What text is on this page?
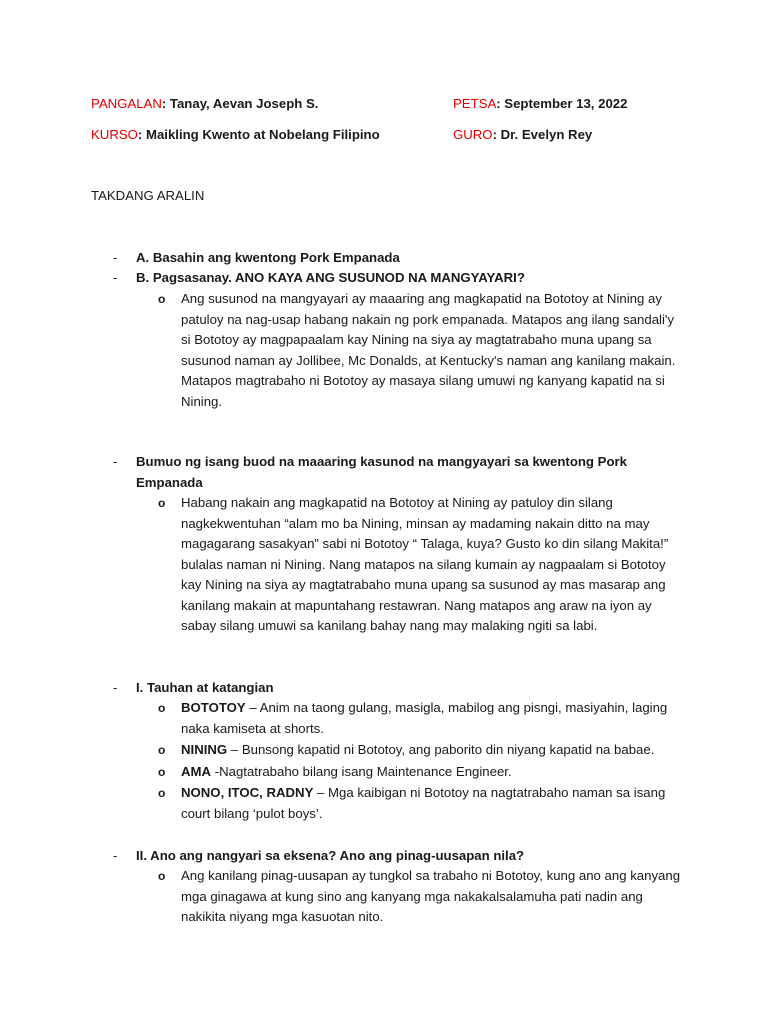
PANGALAN: Tanay, Aevan Joseph S.	PETSA: September 13, 2022
KURSO: Maikling Kwento at Nobelang Filipino	GURO: Dr. Evelyn Rey
TAKDANG ARALIN
-	A. Basahin ang kwentong Pork Empanada
-	B. Pagsasanay. ANO KAYA ANG SUSUNOD NA MANGYAYARI?
o	Ang susunod na mangyayari ay maaaring ang magkapatid na Bototoy at Nining ay patuloy na nag-usap habang nakain ng pork empanada. Matapos ang ilang sandali'y si Bototoy ay magpapaalam kay Nining na siya ay magtatrabaho muna upang sa susunod naman ay Jollibee, Mc Donalds, at Kentucky's naman ang kanilang makain. Matapos magtrabaho ni Bototoy ay masaya silang umuwi ng kanyang kapatid na si Nining.
-	Bumuo ng isang buod na maaaring kasunod na mangyayari sa kwentong Pork Empanada
o	Habang nakain ang magkapatid na Bototoy at Nining ay patuloy din silang nagkekwentuhan “alam mo ba Nining, minsan ay madaming nakain ditto na may magagarang sasakyan” sabi ni Bototoy “ Talaga, kuya? Gusto ko din silang Makita!” bulalas naman ni Nining. Nang matapos na silang kumain ay nagpaalam si Bototoy kay Nining na siya ay magtatrabaho muna upang sa susunod ay mas masarap ang kanilang makain at mapuntahang restawran. Nang matapos ang araw na iyon ay sabay silang umuwi sa kanilang bahay nang may malaking ngiti sa labi.
-	I. Tauhan at katangian
o	BOTOTOY – Anim na taong gulang, masigla, mabilog ang pisngi, masiyahin, laging naka kamiseta at shorts.
o	NINING – Bunsong kapatid ni Bototoy, ang paborito din niyang kapatid na babae.
o	AMA -Nagtatrabaho bilang isang Maintenance Engineer.
o	NONO, ITOC, RADNY – Mga kaibigan ni Bototoy na nagtatrabaho naman sa isang court bilang ‘pulot boys’.
-	II. Ano ang nangyari sa eksena? Ano ang pinag-uusapan nila?
o	Ang kanilang pinag-uusapan ay tungkol sa trabaho ni Bototoy, kung ano ang kanyang mga ginagawa at kung sino ang kanyang mga nakakalsalamuha pati nadin ang nakikita niyang mga kasuotan nito.
